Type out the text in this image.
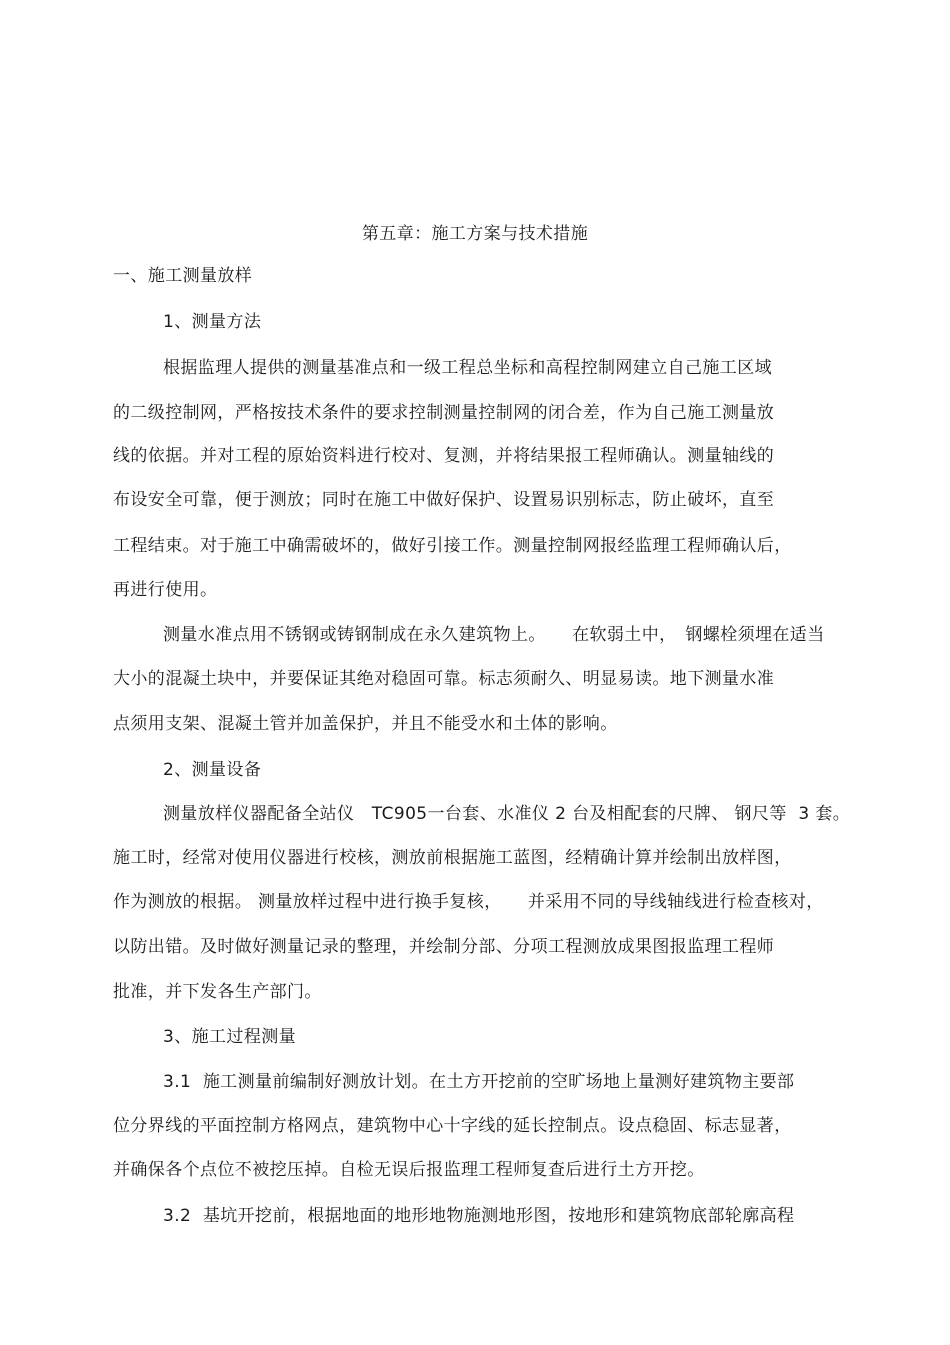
第五章：施工方案与技术措施
一、施工测量放样
1、测量方法
根据监理人提供的测量基准点和一级工程总坐标和高程控制网建立自己施工区域
的二级控制网，严格按技术条件的要求控制测量控制网的闭合差，作为自己施工测量放
线的依据。并对工程的原始资料进行校对、复测，并将结果报工程师确认。测量轴线的
布设安全可靠，便于测放；同时在施工中做好保护、设置易识别标志，防止破坏，直至
工程结束。对于施工中确需破坏的，做好引接工作。测量控制网报经监理工程师确认后，
再进行使用。
测量水准点用不锈钢或铸钢制成在永久建筑物上。　　在软弱土中，　钢螺栓须埋在适当
大小的混凝土块中，并要保证其绝对稳固可靠。标志须耐久、明显易读。地下测量水准
点须用支架、混凝土管并加盖保护，并且不能受水和土体的影响。
2、测量设备
测量放样仪器配备全站仪　TC905一台套、水准仪 2 台及相配套的尺牌、 钢尺等  3 套。
施工时，经常对使用仪器进行校核，测放前根据施工蓝图，经精确计算并绘制出放样图，
作为测放的根据。 测量放样过程中进行换手复核，　　并采用不同的导线轴线进行检查核对，
以防出错。及时做好测量记录的整理，并绘制分部、分项工程测放成果图报监理工程师
批准，并下发各生产部门。
3、施工过程测量
3.1  施工测量前编制好测放计划。在土方开挖前的空旷场地上量测好建筑物主要部
位分界线的平面控制方格网点，建筑物中心十字线的延长控制点。设点稳固、标志显著，
并确保各个点位不被挖压掉。自检无误后报监理工程师复查后进行土方开挖。
3.2  基坑开挖前，根据地面的地形地物施测地形图，按地形和建筑物底部轮廓高程
